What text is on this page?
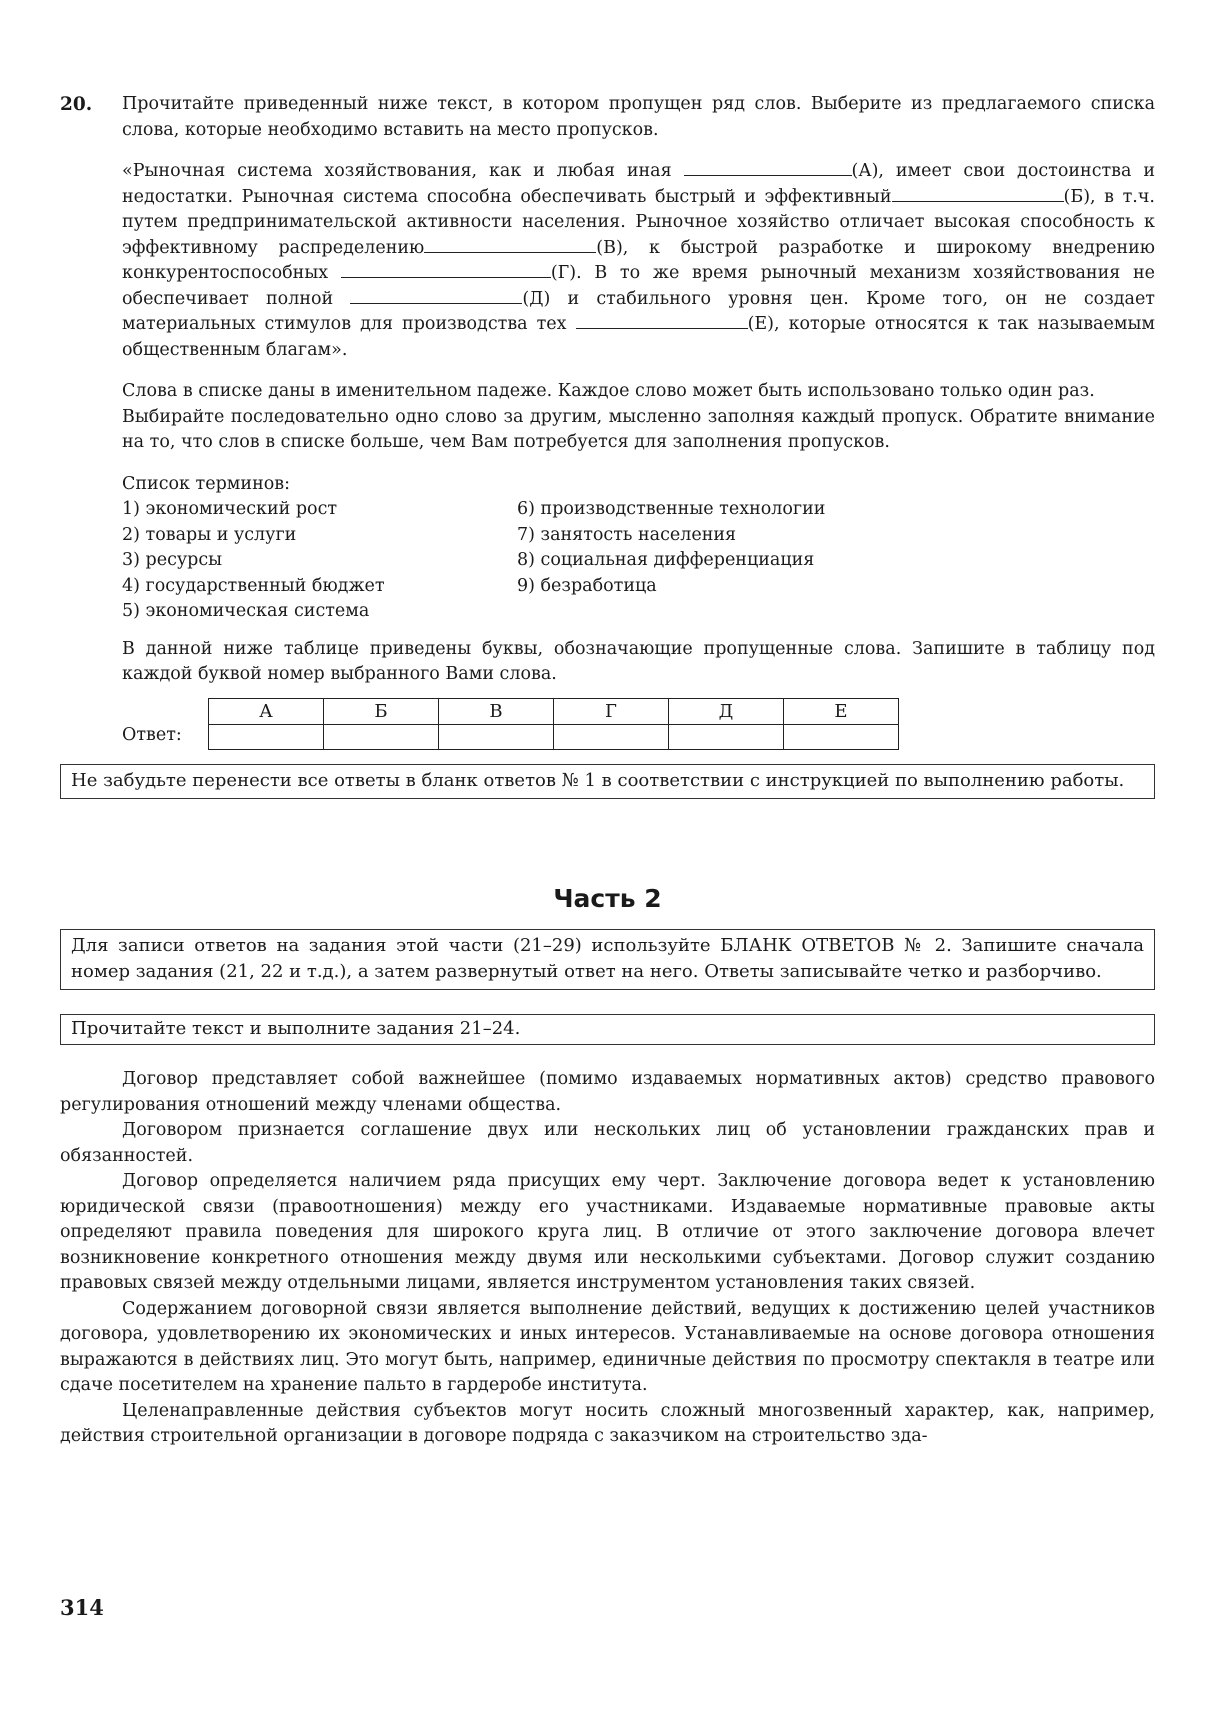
20. Прочитайте приведенный ниже текст, в котором пропущен ряд слов. Выберите из предлагаемого списка слова, которые необходимо вставить на место пропусков.

«Рыночная система хозяйствования, как и любая иная	(А), имеет свои достоинства и недостатки. Рыночная система способна обеспечивать быстрый и эффективный	(Б), в т.ч. путем предпринимательской активности населения. Рыночное хозяйство отличает высокая способность к эффективному распределению	(В), к быстрой разработке и широкому внедрению конкурентоспособных	(Г). В то же время рыночный механизм хозяйствования не обеспечивает полной	(Д) и стабильного уровня цен. Кроме того, он не создает материальных стимулов для производства тех	(Е), которые относятся к так называемым общественным благам».

Слова в списке даны в именительном падеже. Каждое слово может быть использовано только один раз.

Выбирайте последовательно одно слово за другим, мысленно заполняя каждый пропуск. Обратите внимание на то, что слов в списке больше, чем Вам потребуется для заполнения пропусков.

Список терминов:
1) экономический рост
2) товары и услуги
3) ресурсы
4) государственный бюджет
5) экономическая система
6) производственные технологии
7) занятость населения
8) социальная дифференциация
9) безработица

В данной ниже таблице приведены буквы, обозначающие пропущенные слова. Запишите в таблицу под каждой буквой номер выбранного Вами слова.

Ответ:
А	Б	В	Г	Д	Е

Не забудьте перенести все ответы в бланк ответов № 1 в соответствии с инструкцией по выполнению работы.
Часть 2
Для записи ответов на задания этой части (21–29) используйте БЛАНК ОТВЕТОВ № 2. Запишите сначала номер задания (21, 22 и т.д.), а затем развернутый ответ на него. Ответы записывайте четко и разборчиво.
Прочитайте текст и выполните задания 21–24.

Договор представляет собой важнейшее (помимо издаваемых нормативных актов) средство правового регулирования отношений между членами общества.

Договором признается соглашение двух или нескольких лиц об установлении гражданских прав и обязанностей.

Договор определяется наличием ряда присущих ему черт. Заключение договора ведет к установлению юридической связи (правоотношения) между его участниками. Издаваемые нормативные правовые акты определяют правила поведения для широкого круга лиц. В отличие от этого заключение договора влечет возникновение конкретного отношения между двумя или несколькими субъектами. Договор служит созданию правовых связей между отдельными лицами, является инструментом установления таких связей.

Содержанием договорной связи является выполнение действий, ведущих к достижению целей участников договора, удовлетворению их экономических и иных интересов. Устанавливаемые на основе договора отношения выражаются в действиях лиц. Это могут быть, например, единичные действия по просмотру спектакля в театре или сдаче посетителем на хранение пальто в гардеробе института.

Целенаправленные действия субъектов могут носить сложный многозвенный характер, как, например, действия строительной организации в договоре подряда с заказчиком на строительство зда-

314
